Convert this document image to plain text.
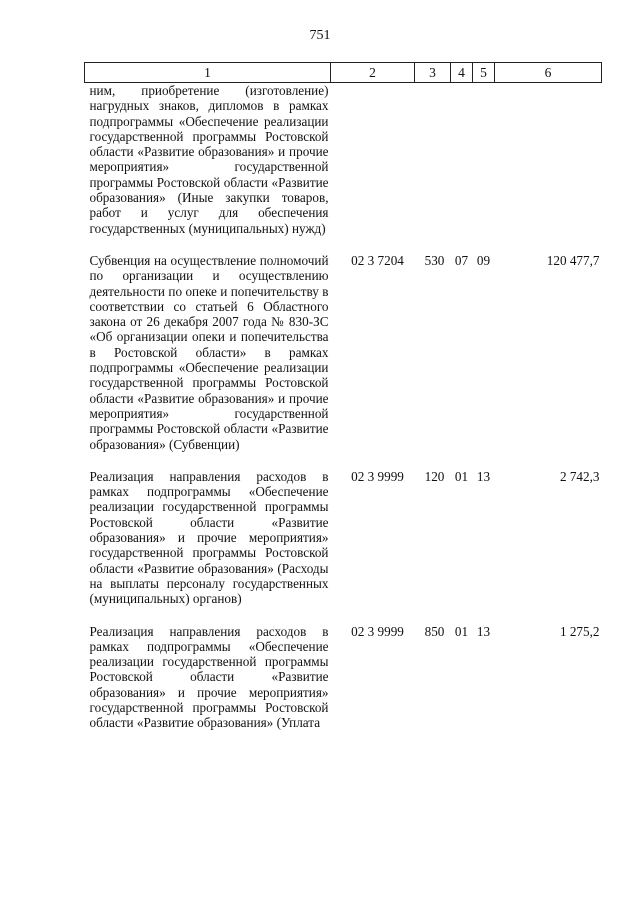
751
1	2	3	4	5	6
ним, приобретение (изготовление) нагрудных знаков, дипломов в рамках подпрограммы «Обеспечение реализации государственной программы Ростовской области «Развитие образования» и прочие мероприятия» государственной программы Ростовской области «Развитие образования» (Иные закупки товаров, работ и услуг для обеспечения государственных (муниципальных) нужд)					

Субвенция на осуществление полномочий по организации и осуществлению деятельности по опеке и попечительству в соответствии со статьей 6 Областного закона от 26 декабря 2007 года № 830-ЗС «Об организации опеки и попечительства в Ростовской области» в рамках подпрограммы «Обеспечение реализации государственной программы Ростовской области «Развитие образования» и прочие мероприятия» государственной программы Ростовской области «Развитие образования» (Субвенции)	02 3 7204	530	07	09	120 477,7

Реализация направления расходов в рамках подпрограммы «Обеспечение реализации государственной программы Ростовской области «Развитие образования» и прочие мероприятия» государственной программы Ростовской области «Развитие образования» (Расходы на выплаты персоналу государственных (муниципальных) органов)	02 3 9999	120	01	13	2 742,3

Реализация направления расходов в рамках подпрограммы «Обеспечение реализации государственной программы Ростовской области «Развитие образования» и прочие мероприятия» государственной программы Ростовской области «Развитие образования» (Уплата	02 3 9999	850	01	13	1 275,2
